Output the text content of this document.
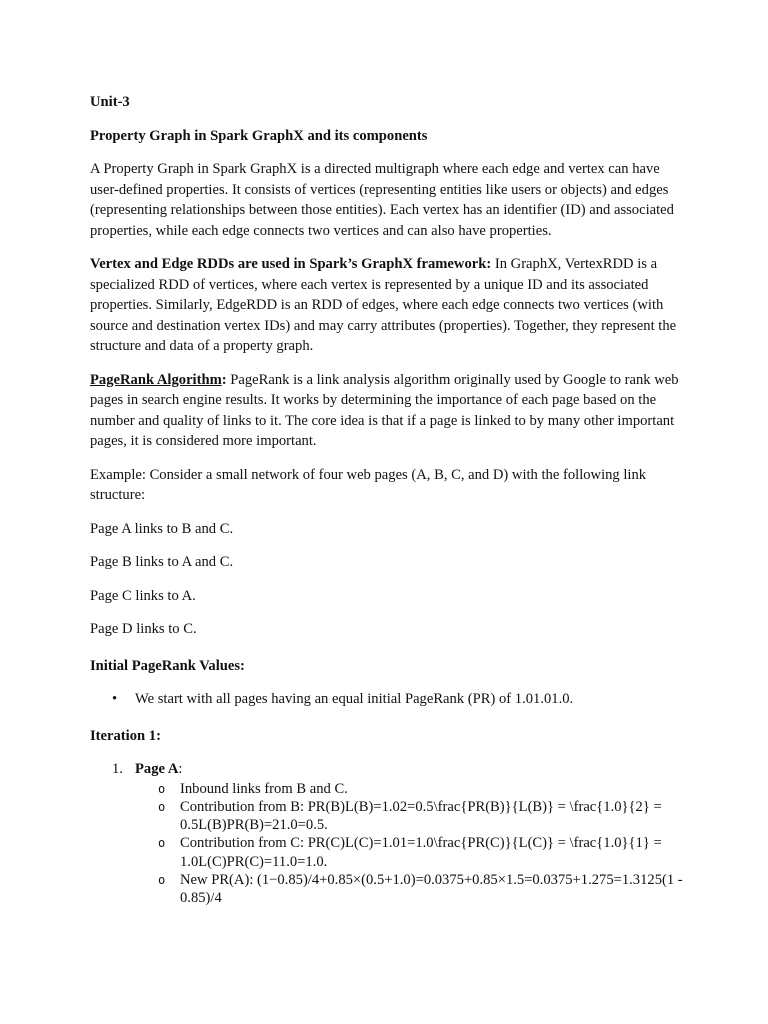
Unit-3

Property Graph in Spark GraphX and its components

A Property Graph in Spark GraphX is a directed multigraph where each edge and vertex can have user-defined properties. It consists of vertices (representing entities like users or objects) and edges (representing relationships between those entities). Each vertex has an identifier (ID) and associated properties, while each edge connects two vertices and can also have properties.

Vertex and Edge RDDs are used in Spark’s GraphX framework: In GraphX, VertexRDD is a specialized RDD of vertices, where each vertex is represented by a unique ID and its associated properties. Similarly, EdgeRDD is an RDD of edges, where each edge connects two vertices (with source and destination vertex IDs) and may carry attributes (properties). Together, they represent the structure and data of a property graph.

PageRank Algorithm: PageRank is a link analysis algorithm originally used by Google to rank web pages in search engine results. It works by determining the importance of each page based on the number and quality of links to it. The core idea is that if a page is linked to by many other important pages, it is considered more important.

Example: Consider a small network of four web pages (A, B, C, and D) with the following link structure:

Page A links to B and C.

Page B links to A and C.

Page C links to A.

Page D links to C.

Initial PageRank Values:

• We start with all pages having an equal initial PageRank (PR) of 1.01.01.0.

Iteration 1:

1. Page A:
o Inbound links from B and C.
o Contribution from B: PR(B)L(B)=1.02=0.5\frac{PR(B)}{L(B)} = \frac{1.0}{2} = 0.5L(B)PR(B)=21.0=0.5.
o Contribution from C: PR(C)L(C)=1.01=1.0\frac{PR(C)}{L(C)} = \frac{1.0}{1} = 1.0L(C)PR(C)=11.0=1.0.
o New PR(A): (1−0.85)/4+0.85×(0.5+1.0)=0.0375+0.85×1.5=0.0375+1.275=1.3125(1 - 0.85)/4
